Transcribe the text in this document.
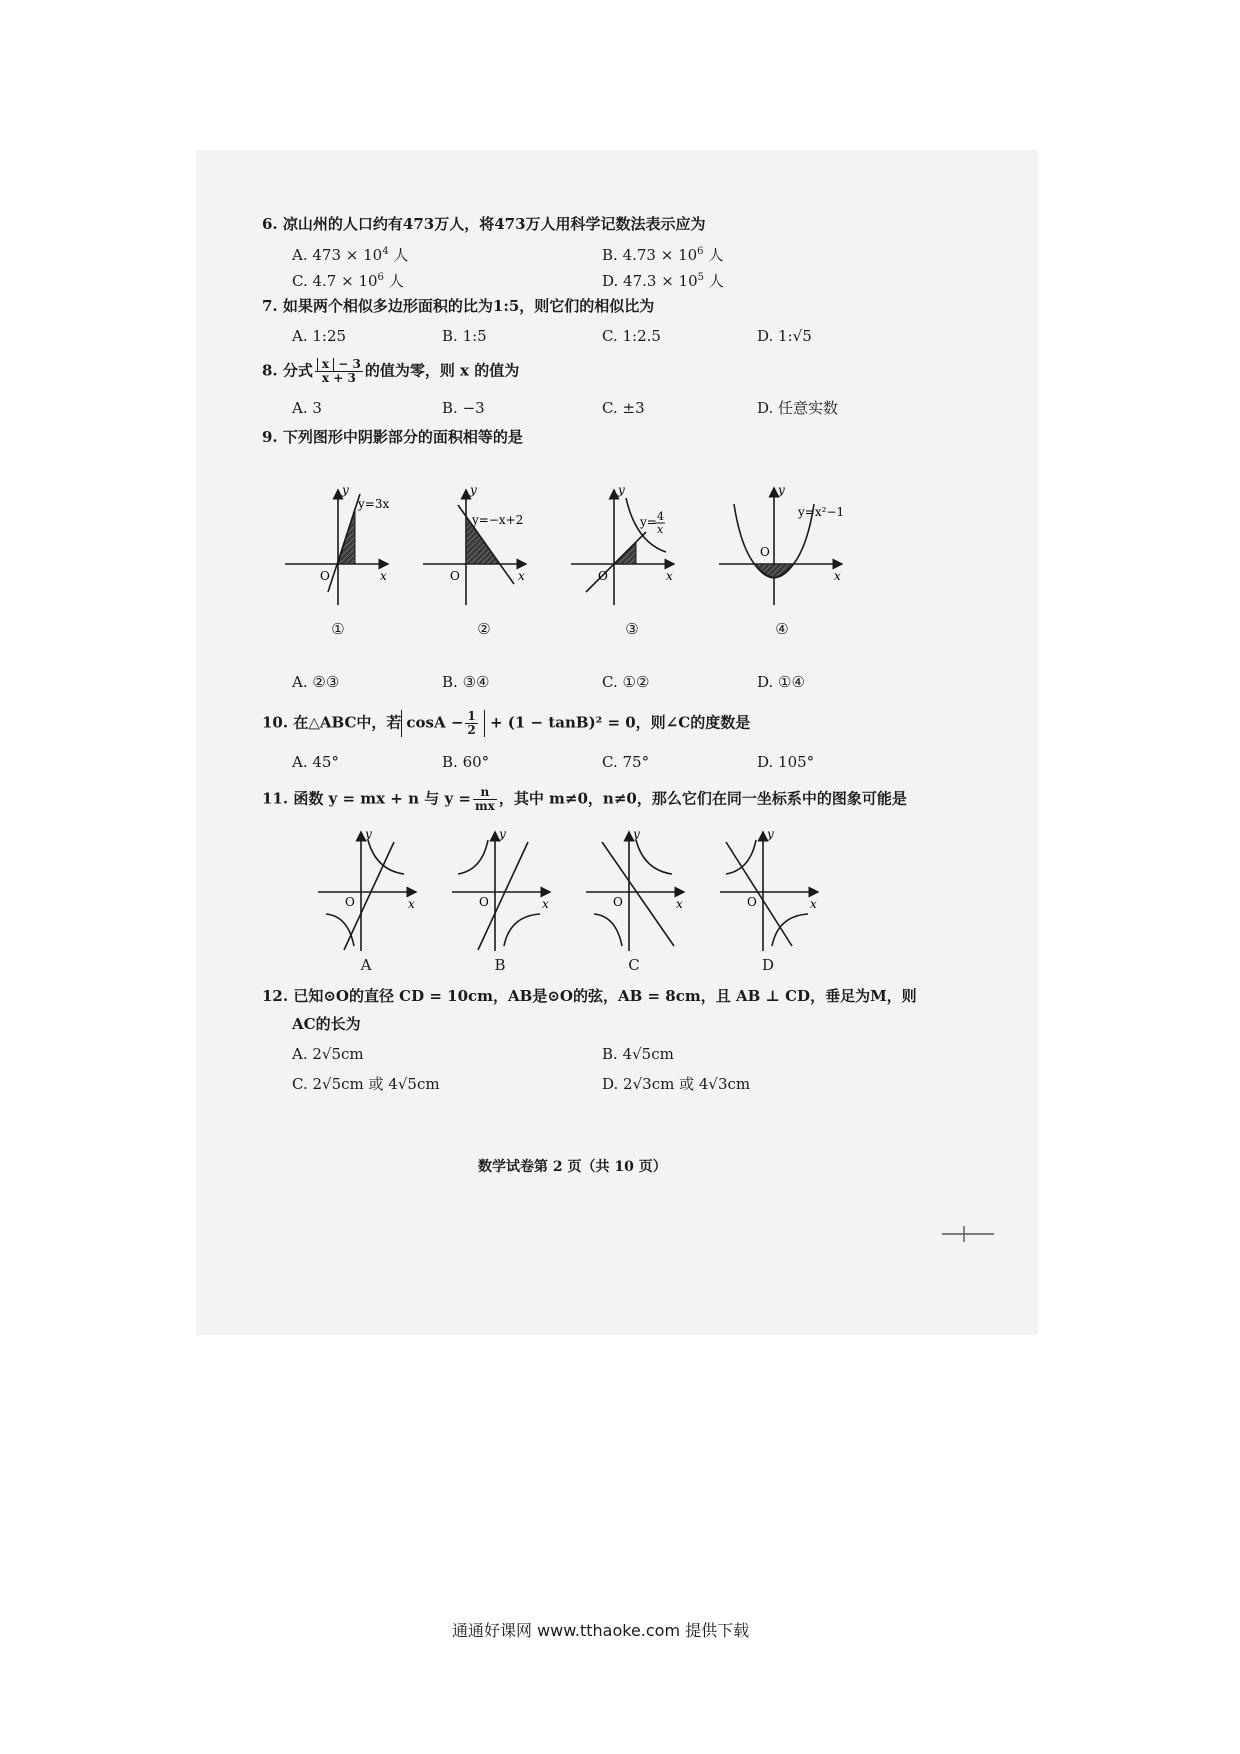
6. 凉山州的人口约有473万人，将473万人用科学记数法表示应为
A. $473 \times 10^4$ 人	B. $4.73 \times 10^6$ 人
C. $4.7 \times 10^6$ 人	D. $47.3 \times 10^5$ 人
7. 如果两个相似多边形面积的比为1:5，则它们的相似比为
A. 1:25	B. 1:5	C. 1:2.5	D. 1:√5
8. 分式 $\frac{x - 3}{x + 3}$ 的值为零，则 x 的值为
A. 3	B. −3	C. ±3	D. 任意实数
9. 下列图形中阴影部分的面积相等的是
y=3x
y
x
O
y=−x+2
y
x
O
y= 4
x
y
x
O
y=x²−1
y
x
O
①	②	③	④
A. ②③	B. ③④	C. ①②	D. ①④
10. 在△ABC中，若 $\cos A - \frac{1}{2} + (1 - \tan B)^2 = 0$，则∠C的度数是
A. 45°	B. 60°	C. 75°	D. 105°
11. 函数 y = mx + n 与 $y = \frac{n}{mx}$ ，其中 m≠0，n≠0，那么它们在同一坐标系中的图象可能是
y
x
O
y
x
O
y
x
O
y
x
O
A	B	C	D
12. 已知⊙O的直径 CD = 10cm，AB是⊙O的弦，AB = 8cm，且 AB ⊥ CD，垂足为M，则
AC的长为
A. 2√5cm	B. 4√5cm
C. 2√5cm 或 4√5cm	D. 2√3cm 或 4√3cm
数学试卷第 2 页（共 10 页）
通通好课网 www.tthaoke.com 提供下载
